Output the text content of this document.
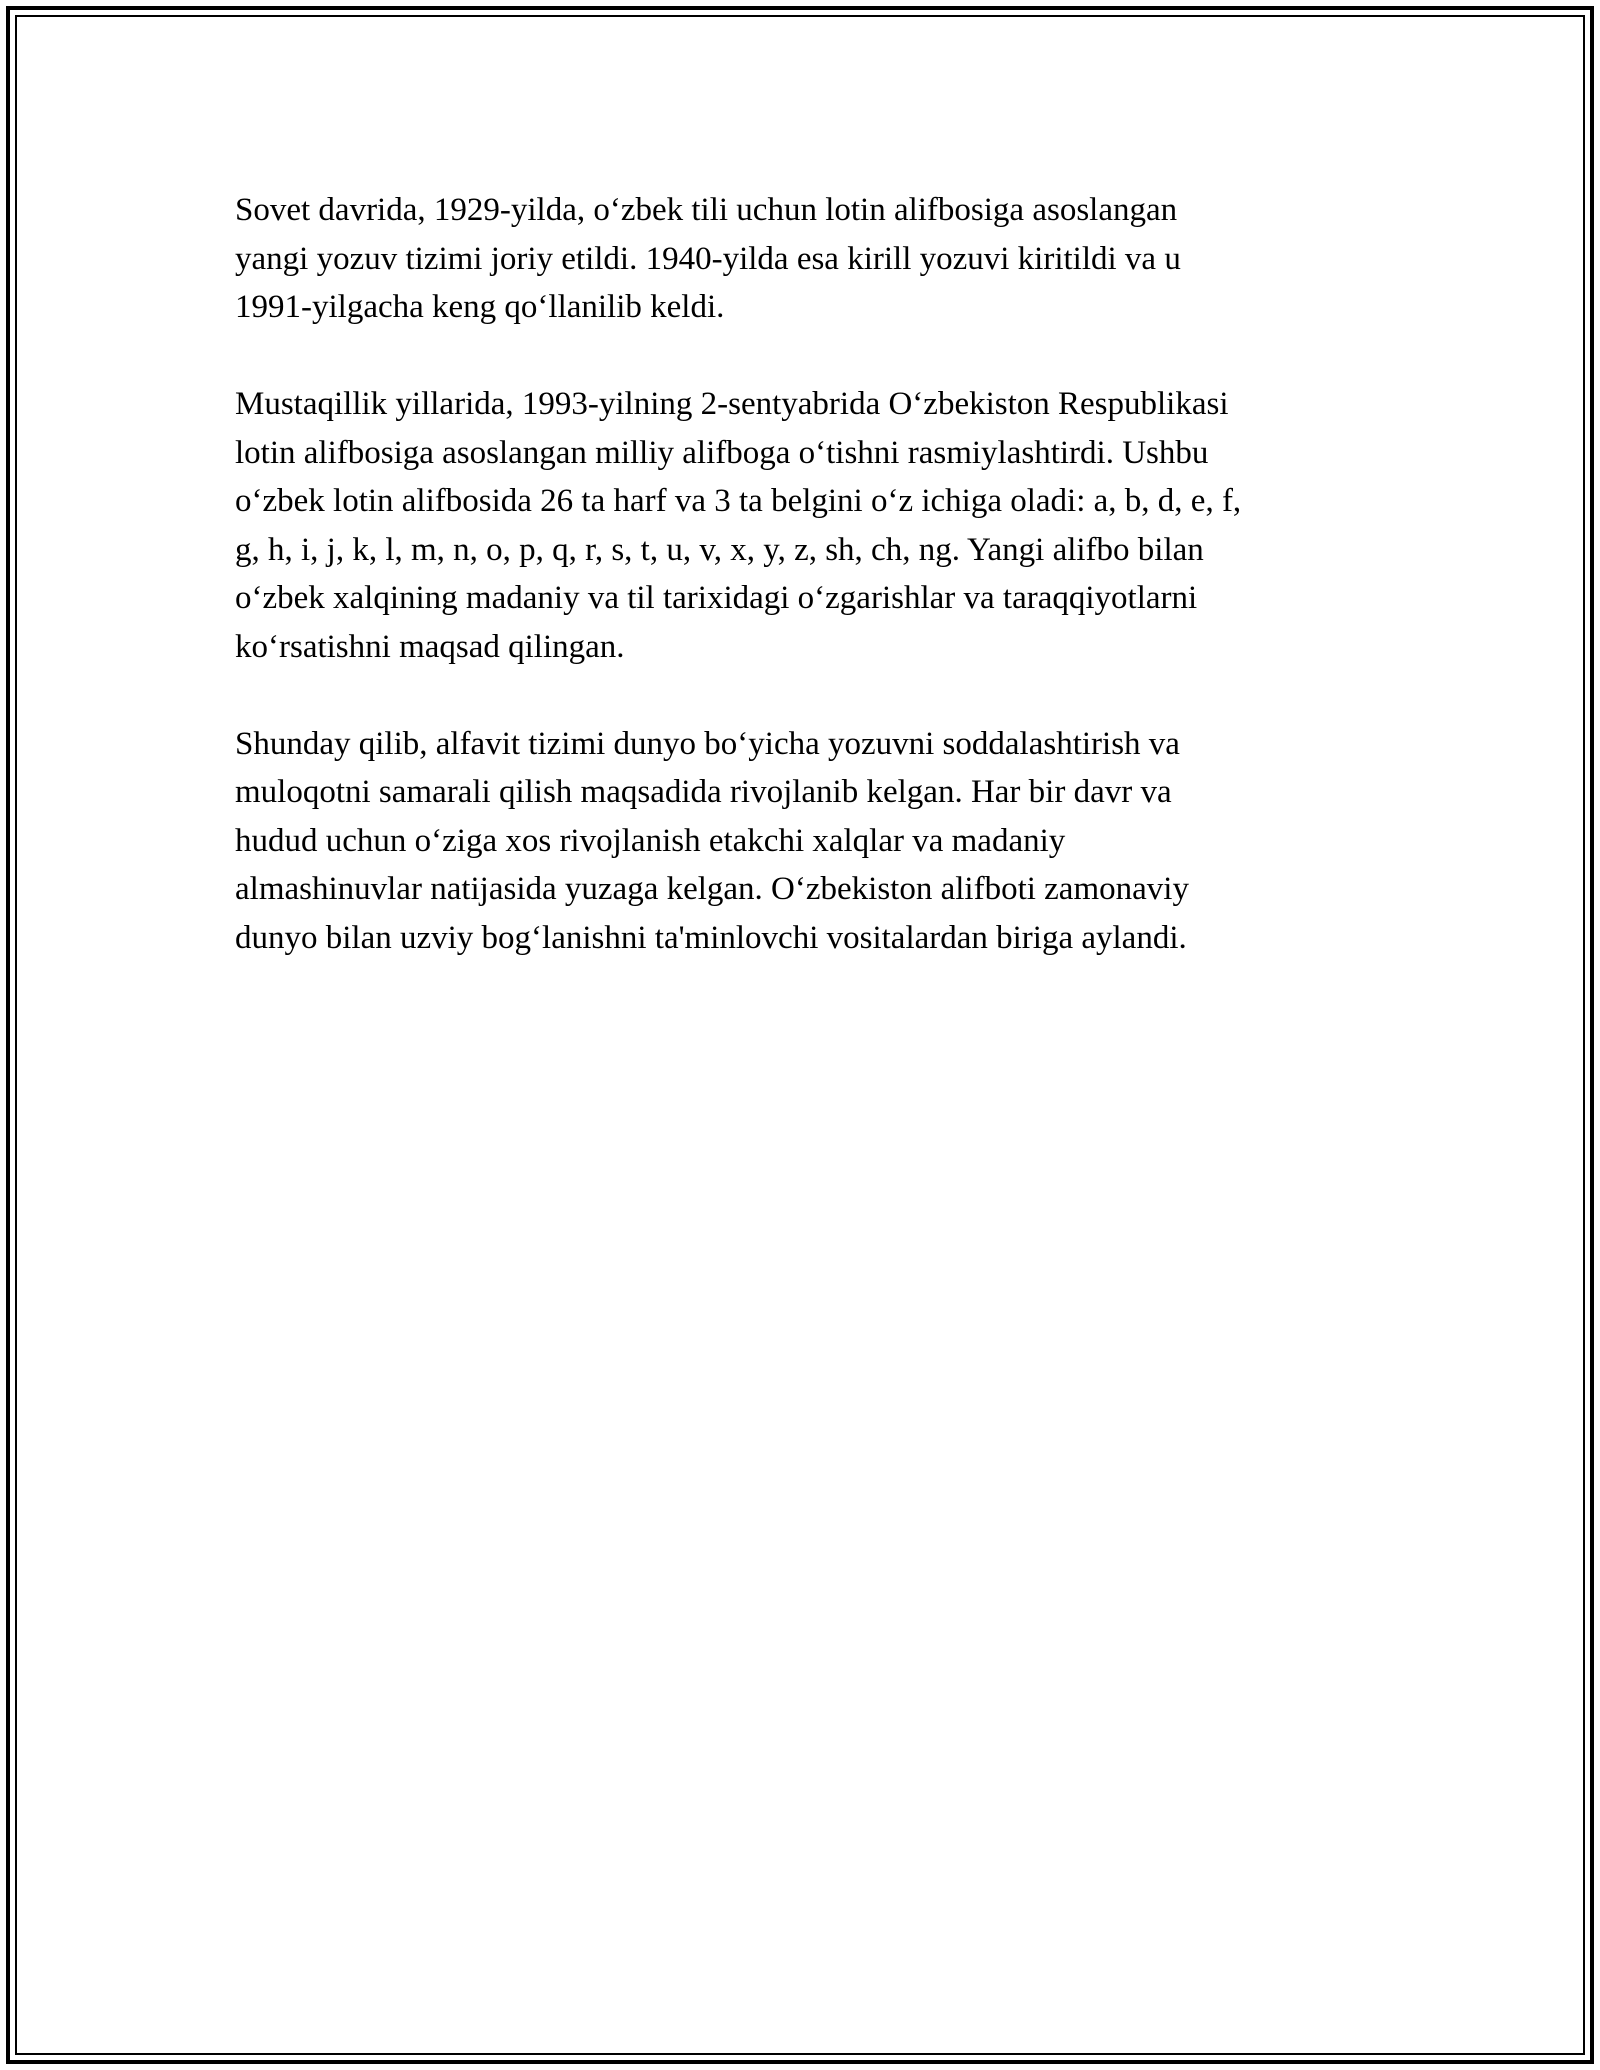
Sovet davrida, 1929-yilda, o‘zbek tili uchun lotin alifbosiga asoslangan
yangi yozuv tizimi joriy etildi. 1940-yilda esa kirill yozuvi kiritildi va u
1991-yilgacha keng qo‘llanilib keldi.

Mustaqillik yillarida, 1993-yilning 2-sentyabrida O‘zbekiston Respublikasi
lotin alifbosiga asoslangan milliy alifboga o‘tishni rasmiylashtirdi. Ushbu
o‘zbek lotin alifbosida 26 ta harf va 3 ta belgini o‘z ichiga oladi: a, b, d, e, f,
g, h, i, j, k, l, m, n, o, p, q, r, s, t, u, v, x, y, z, sh, ch, ng. Yangi alifbo bilan
o‘zbek xalqining madaniy va til tarixidagi o‘zgarishlar va taraqqiyotlarni
ko‘rsatishni maqsad qilingan.

Shunday qilib, alfavit tizimi dunyo bo‘yicha yozuvni soddalashtirish va
muloqotni samarali qilish maqsadida rivojlanib kelgan. Har bir davr va
hudud uchun o‘ziga xos rivojlanish etakchi xalqlar va madaniy
almashinuvlar natijasida yuzaga kelgan. O‘zbekiston alifboti zamonaviy
dunyo bilan uzviy bog‘lanishni ta'minlovchi vositalardan biriga aylandi.
